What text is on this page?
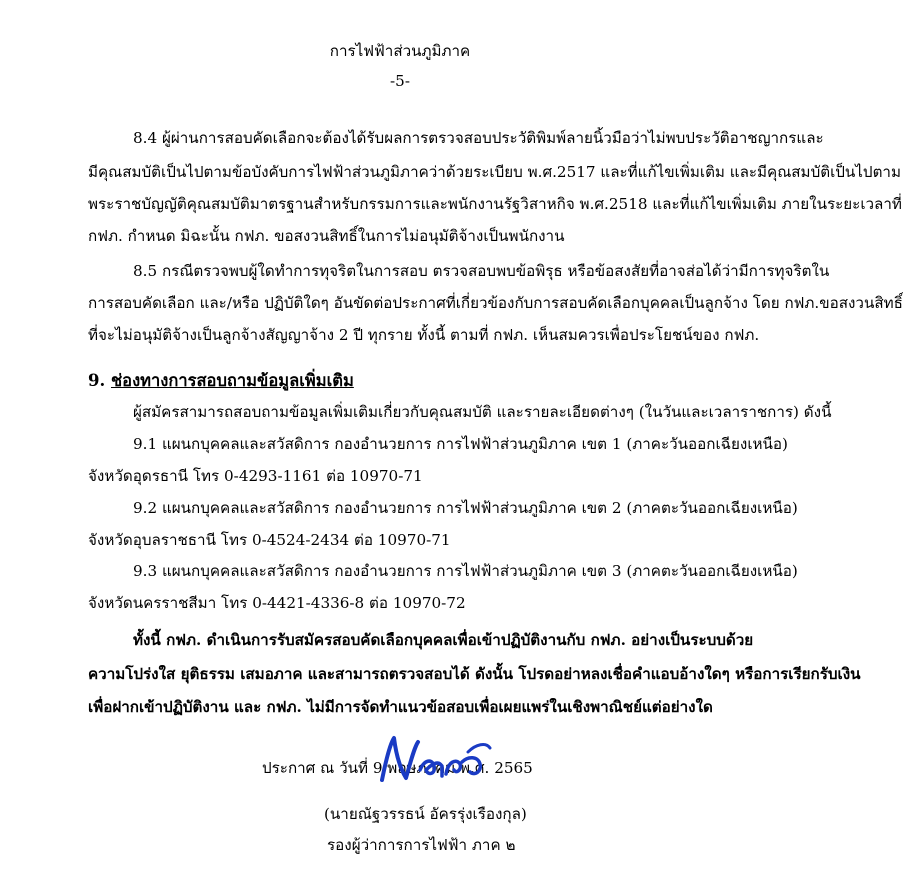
การไฟฟ้าส่วนภูมิภาค
-5-
8.4 ผู้ผ่านการสอบคัดเลือกจะต้องได้รับผลการตรวจสอบประวัติพิมพ์ลายนิ้วมือว่าไม่พบประวัติอาชญากรและ
มีคุณสมบัติเป็นไปตามข้อบังคับการไฟฟ้าส่วนภูมิภาคว่าด้วยระเบียบ พ.ศ.2517 และที่แก้ไขเพิ่มเติม และมีคุณสมบัติเป็นไปตาม
พระราชบัญญัติคุณสมบัติมาตรฐานสำหรับกรรมการและพนักงานรัฐวิสาหกิจ พ.ศ.2518 และที่แก้ไขเพิ่มเติม ภายในระยะเวลาที่
กฟภ. กำหนด มิฉะนั้น กฟภ. ขอสงวนสิทธิ์ในการไม่อนุมัติจ้างเป็นพนักงาน
8.5 กรณีตรวจพบผู้ใดทำการทุจริตในการสอบ ตรวจสอบพบข้อพิรุธ หรือข้อสงสัยที่อาจส่อได้ว่ามีการทุจริตใน
การสอบคัดเลือก และ/หรือ ปฏิบัติใดๆ อันขัดต่อประกาศที่เกี่ยวข้องกับการสอบคัดเลือกบุคคลเป็นลูกจ้าง โดย กฟภ.ขอสงวนสิทธิ์
ที่จะไม่อนุมัติจ้างเป็นลูกจ้างสัญญาจ้าง 2 ปี ทุกราย ทั้งนี้ ตามที่ กฟภ. เห็นสมควรเพื่อประโยชน์ของ กฟภ.
9. ช่องทางการสอบถามข้อมูลเพิ่มเติม
ผู้สมัครสามารถสอบถามข้อมูลเพิ่มเติมเกี่ยวกับคุณสมบัติ และรายละเอียดต่างๆ (ในวันและเวลาราชการ) ดังนี้
9.1 แผนกบุคคลและสวัสดิการ กองอำนวยการ การไฟฟ้าส่วนภูมิภาค เขต 1 (ภาคะวันออกเฉียงเหนือ)
จังหวัดอุดรธานี โทร 0-4293-1161 ต่อ 10970-71
9.2 แผนกบุคคลและสวัสดิการ กองอำนวยการ การไฟฟ้าส่วนภูมิภาค เขต 2 (ภาคตะวันออกเฉียงเหนือ)
จังหวัดอุบลราชธานี โทร 0-4524-2434 ต่อ 10970-71
9.3 แผนกบุคคลและสวัสดิการ กองอำนวยการ การไฟฟ้าส่วนภูมิภาค เขต 3 (ภาคตะวันออกเฉียงเหนือ)
จังหวัดนครราชสีมา โทร 0-4421-4336-8 ต่อ 10970-72
ทั้งนี้ กฟภ. ดำเนินการรับสมัครสอบคัดเลือกบุคคลเพื่อเข้าปฏิบัติงานกับ กฟภ. อย่างเป็นระบบด้วย
ความโปร่งใส ยุติธรรม เสมอภาค และสามารถตรวจสอบได้ ดังนั้น โปรดอย่าหลงเชื่อคำแอบอ้างใดๆ หรือการเรียกรับเงิน
เพื่อฝากเข้าปฏิบัติงาน และ กฟภ. ไม่มีการจัดทำแนวข้อสอบเพื่อเผยแพร่ในเชิงพาณิชย์แต่อย่างใด
ประกาศ ณ วันที่ 9 พฤษภาคม พ.ศ. 2565
(นายณัฐวรรธน์ อัครรุ่งเรืองกุล)
รองผู้ว่าการการไฟฟ้า ภาค ๒
